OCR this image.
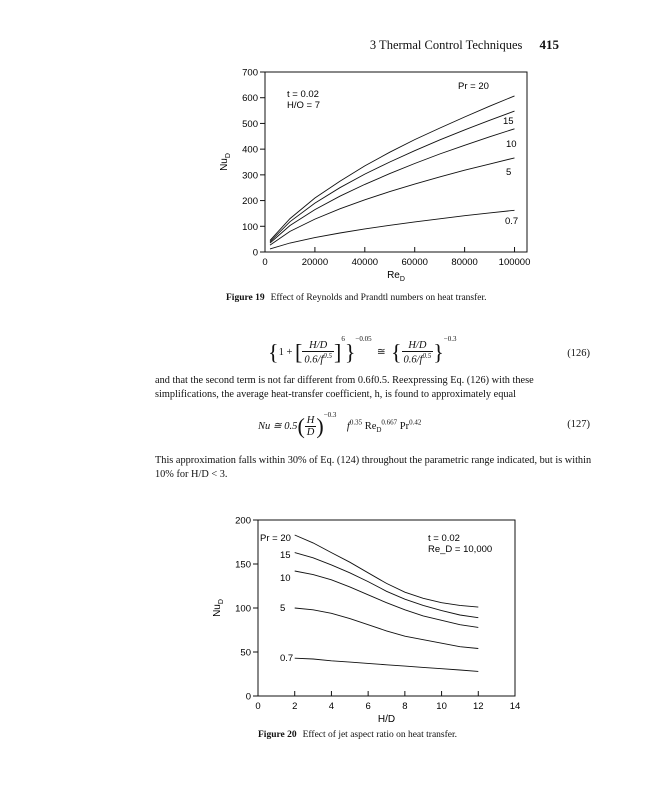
3 Thermal Control Techniques 415
0	20000 40000 60000 80000 100000
0
100
200
300
400
500
600
700
$Re_D$
$Nu_D$
Pr = 20
15
10
5
0.7
t = 0.02
H/O = 7
Figure 19 Effect of Reynolds and Prandtl numbers on heat transfer.
{1 + [ $\frac{H/D}{0.6/f^{0.5}} ]^6\}^{-0.05}$  ≅ { $\frac{H/D}{0.6/f^{0.5}} \}^{-0.3}$
(126)
and that the second term is not far different from 0.6f0.5. Reexpressing Eq. (126) with these simplifications, the average heat-transfer coefficient, h, is found to approximately equal
Nu ≅ $0.5( \frac{H}{D} )^{-0.3}$    $f^{0.35}$ $Re_D^{0.667}$ $Pr^{0.42}$	(127)
This approximation falls within 30% of Eq. (124) throughout the parametric range indicated, but is within 10% for H/D < 3.
0	2	4	6	8	10	12	14
0
50
100
150
200
H/D
$Nu_D$
Pr = 20
15
10
5
0.7
t = 0.02
Re_D = 10,000
Figure 20 Effect of jet aspect ratio on heat transfer.
